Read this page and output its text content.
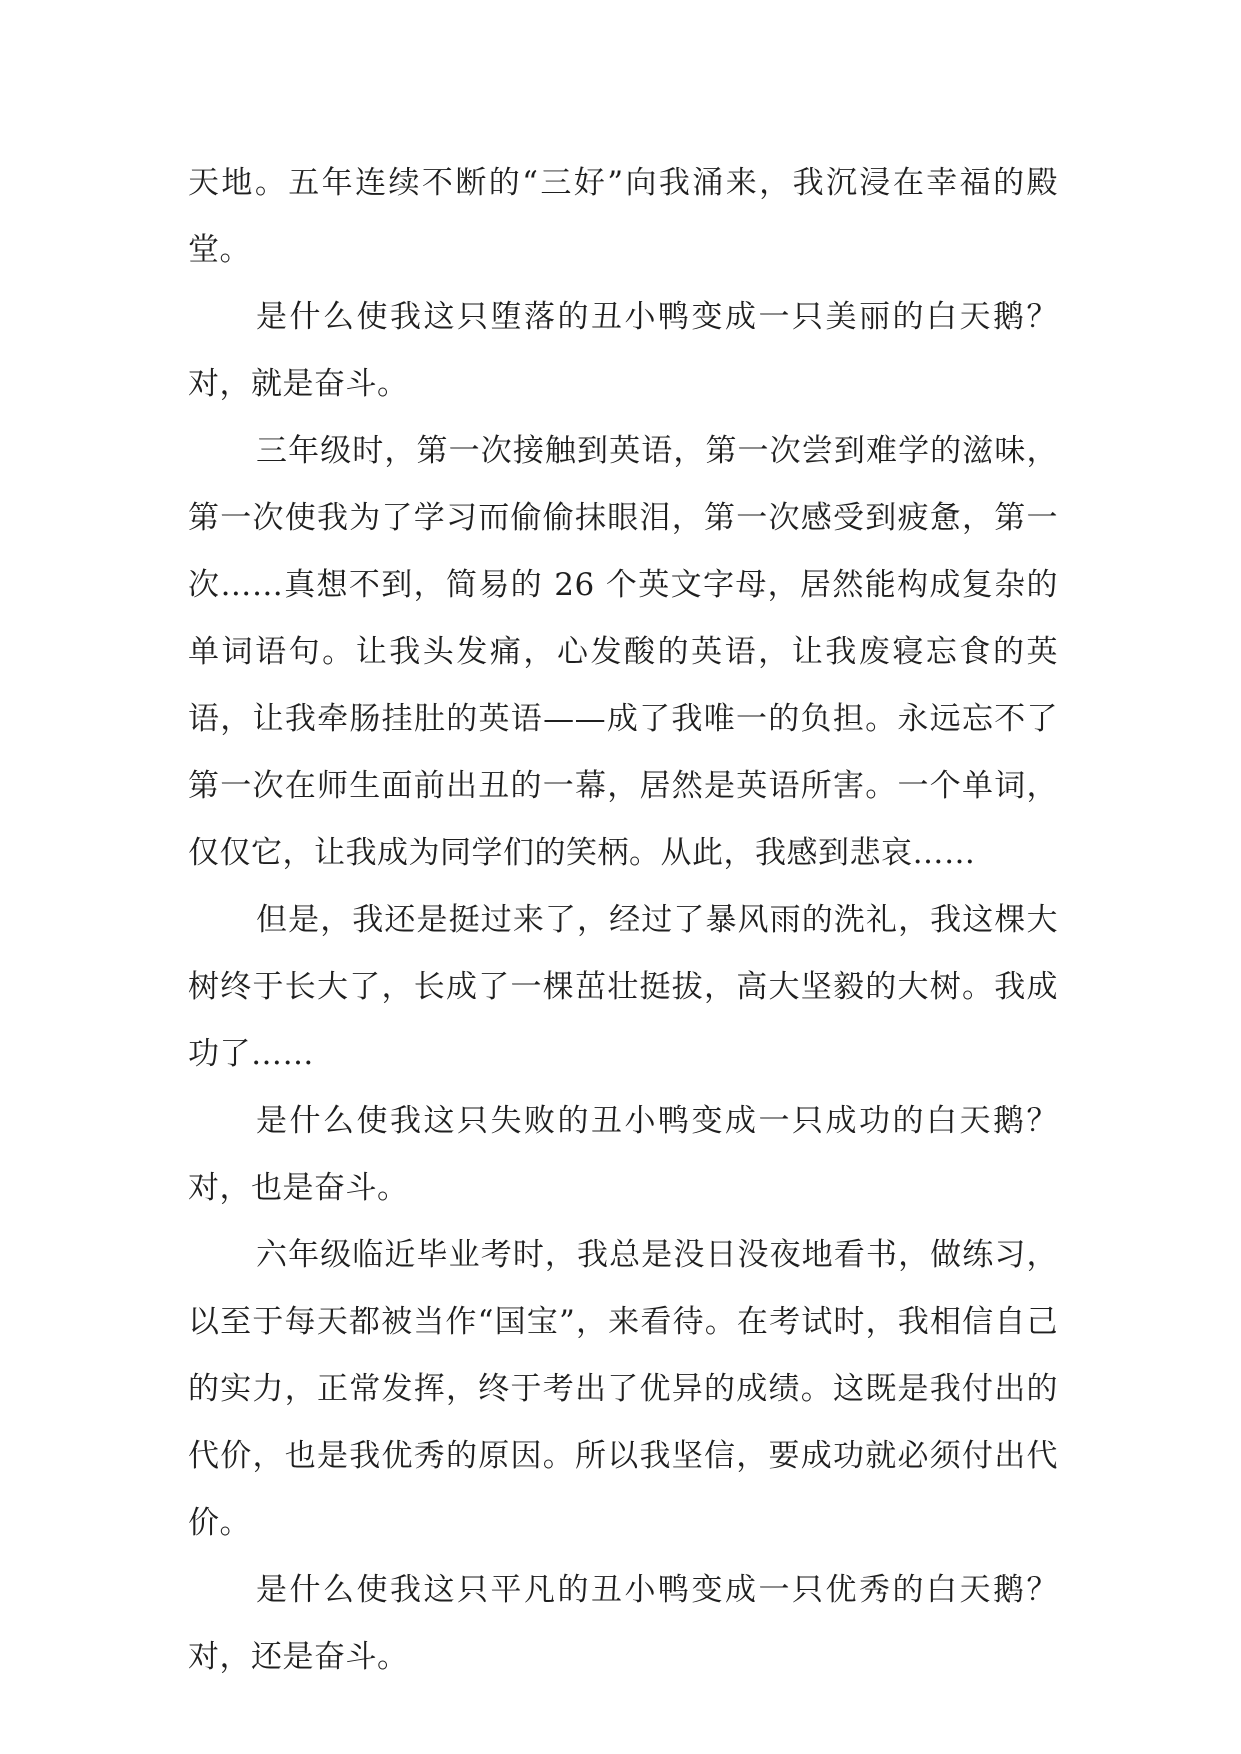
天地。五年连续不断的“三好”向我涌来，我沉浸在幸福的殿堂。

是什么使我这只堕落的丑小鸭变成一只美丽的白天鹅？对，就是奋斗。

三年级时，第一次接触到英语，第一次尝到难学的滋味，第一次使我为了学习而偷偷抹眼泪，第一次感受到疲惫，第一次……真想不到，简易的 26 个英文字母，居然能构成复杂的单词语句。让我头发痛，心发酸的英语，让我废寝忘食的英语，让我牵肠挂肚的英语——成了我唯一的负担。永远忘不了第一次在师生面前出丑的一幕，居然是英语所害。一个单词，仅仅它，让我成为同学们的笑柄。从此，我感到悲哀……

但是，我还是挺过来了，经过了暴风雨的洗礼，我这棵大树终于长大了，长成了一棵茁壮挺拔，高大坚毅的大树。我成功了……

是什么使我这只失败的丑小鸭变成一只成功的白天鹅？对，也是奋斗。

六年级临近毕业考时，我总是没日没夜地看书，做练习，以至于每天都被当作“国宝”，来看待。在考试时，我相信自己的实力，正常发挥，终于考出了优异的成绩。这既是我付出的代价，也是我优秀的原因。所以我坚信，要成功就必须付出代价。

是什么使我这只平凡的丑小鸭变成一只优秀的白天鹅？对，还是奋斗。
